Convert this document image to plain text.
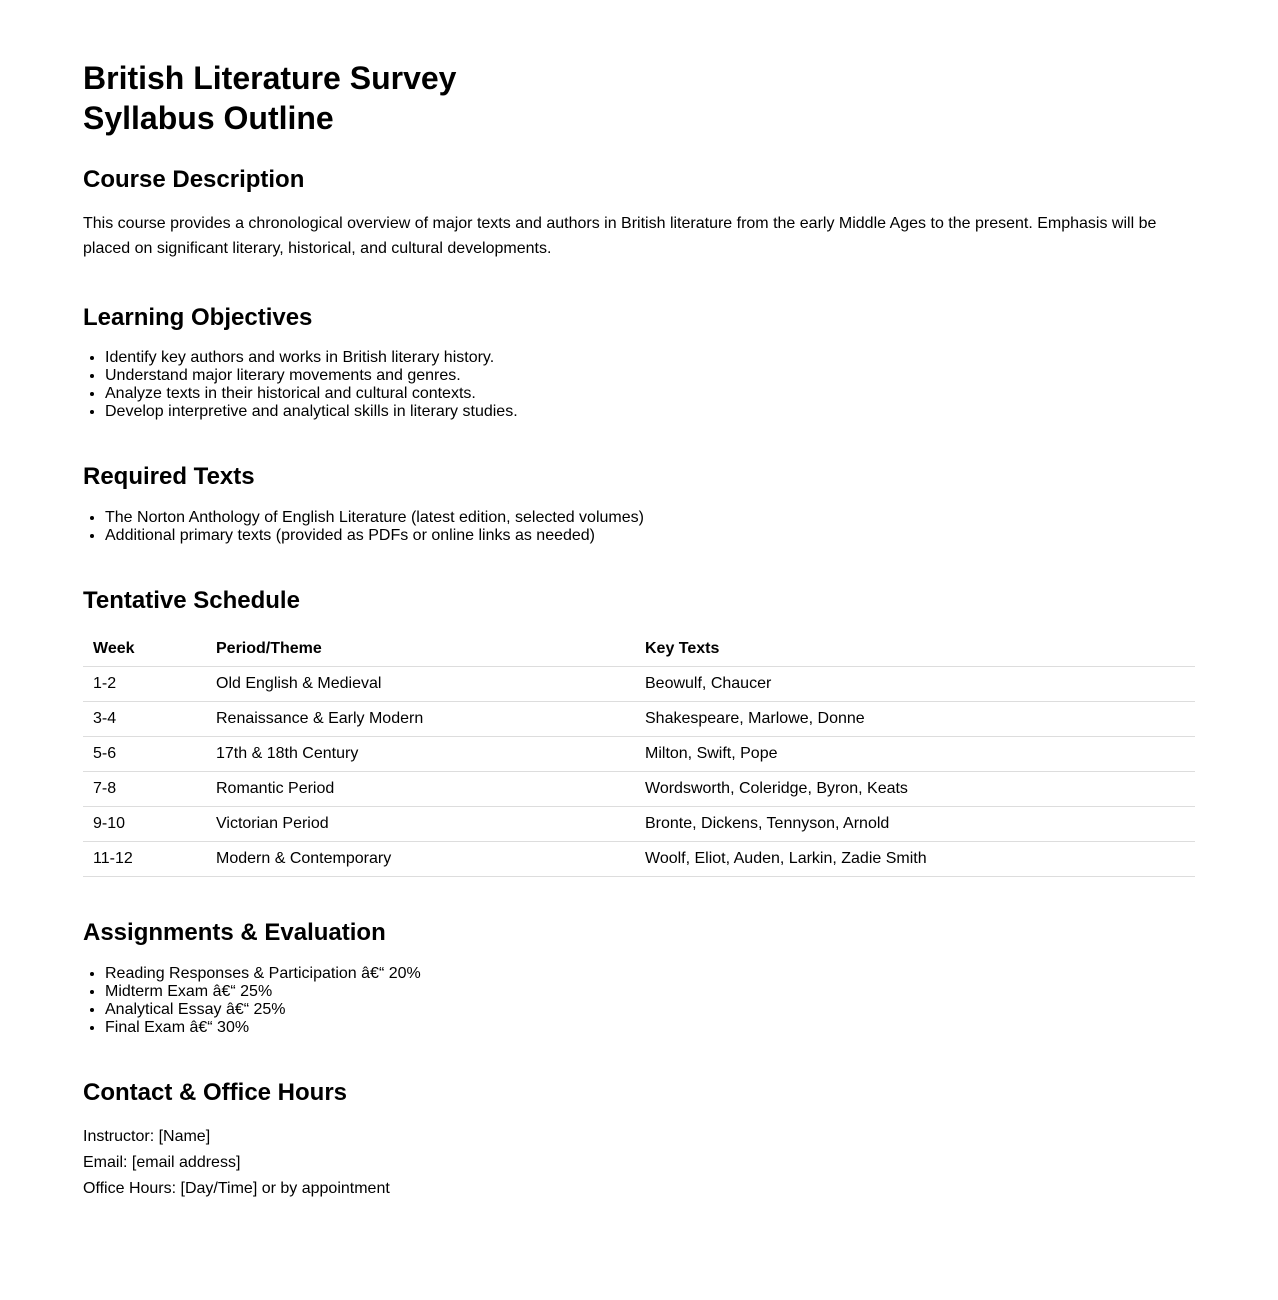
British Literature Survey
Syllabus Outline
Course Description

This course provides a chronological overview of major texts and authors in British literature from the early Middle Ages to the present. Emphasis will be placed on significant literary, historical, and cultural developments.

Learning Objectives
• Identify key authors and works in British literary history.
• Understand major literary movements and genres.
• Analyze texts in their historical and cultural contexts.
• Develop interpretive and analytical skills in literary studies.
Required Texts
• The Norton Anthology of English Literature (latest edition, selected volumes)
• Additional primary texts (provided as PDFs or online links as needed)
Tentative Schedule
Week	Period/Theme	Key Texts
1-2	Old English & Medieval	Beowulf, Chaucer
3-4	Renaissance & Early Modern	Shakespeare, Marlowe, Donne
5-6	17th & 18th Century	Milton, Swift, Pope
7-8	Romantic Period	Wordsworth, Coleridge, Byron, Keats
9-10	Victorian Period	Bronte, Dickens, Tennyson, Arnold
11-12	Modern & Contemporary	Woolf, Eliot, Auden, Larkin, Zadie Smith
Assignments & Evaluation
• Reading Responses & Participation â€“ 20%
• Midterm Exam â€“ 25%
• Analytical Essay â€“ 25%
• Final Exam â€“ 30%
Contact & Office Hours

Instructor: [Name]

Email: [email address]

Office Hours: [Day/Time] or by appointment
